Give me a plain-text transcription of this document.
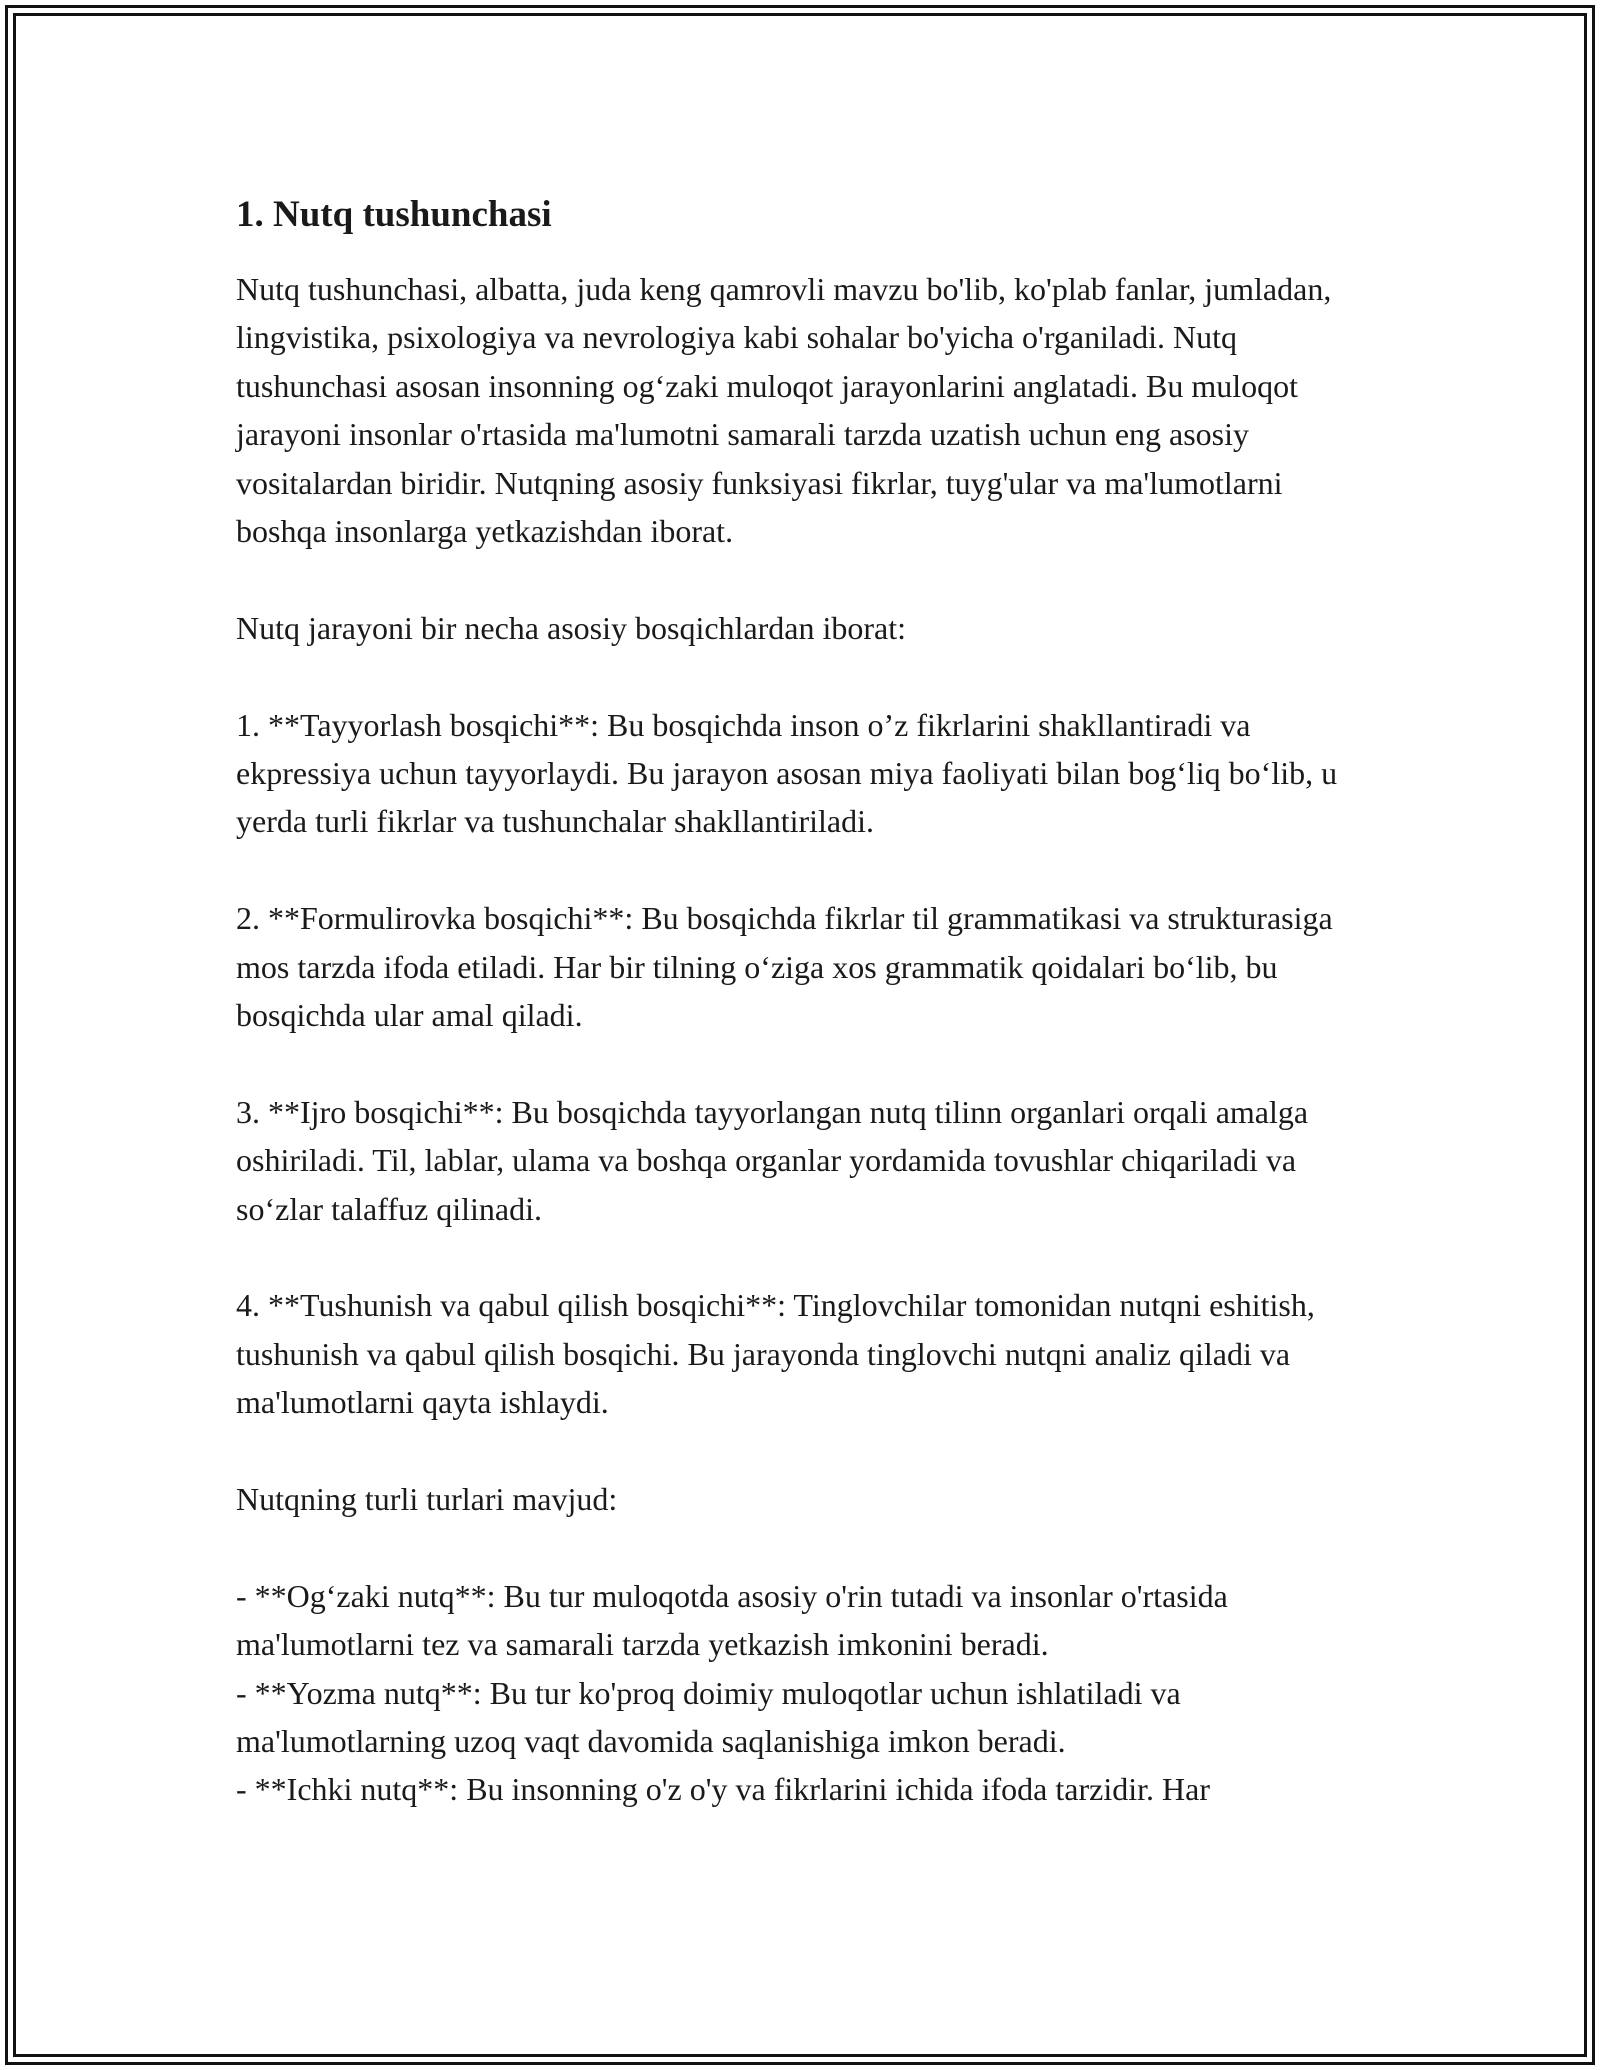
1. Nutq tushunchasi

Nutq tushunchasi, albatta, juda keng qamrovli mavzu bo'lib, ko'plab fanlar, jumladan, lingvistika, psixologiya va nevrologiya kabi sohalar bo'yicha o'rganiladi. Nutq tushunchasi asosan insonning og‘zaki muloqot jarayonlarini anglatadi. Bu muloqot jarayoni insonlar o'rtasida ma'lumotni samarali tarzda uzatish uchun eng asosiy vositalardan biridir. Nutqning asosiy funksiyasi fikrlar, tuyg'ular va ma'lumotlarni boshqa insonlarga yetkazishdan iborat.

Nutq jarayoni bir necha asosiy bosqichlardan iborat:

1. **Tayyorlash bosqichi**: Bu bosqichda inson o’z fikrlarini shakllantiradi va ekpressiya uchun tayyorlaydi. Bu jarayon asosan miya faoliyati bilan bog‘liq bo‘lib, u yerda turli fikrlar va tushunchalar shakllantiriladi.

2. **Formulirovka bosqichi**: Bu bosqichda fikrlar til grammatikasi va strukturasiga mos tarzda ifoda etiladi. Har bir tilning o‘ziga xos grammatik qoidalari bo‘lib, bu bosqichda ular amal qiladi.

3. **Ijro bosqichi**: Bu bosqichda tayyorlangan nutq tilinn organlari orqali amalga oshiriladi. Til, lablar, ulama va boshqa organlar yordamida tovushlar chiqariladi va so‘zlar talaffuz qilinadi.

4. **Tushunish va qabul qilish bosqichi**: Tinglovchilar tomonidan nutqni eshitish, tushunish va qabul qilish bosqichi. Bu jarayonda tinglovchi nutqni analiz qiladi va ma'lumotlarni qayta ishlaydi.

Nutqning turli turlari mavjud:

- **Og‘zaki nutq**: Bu tur muloqotda asosiy o'rin tutadi va insonlar o'rtasida ma'lumotlarni tez va samarali tarzda yetkazish imkonini beradi.

- **Yozma nutq**: Bu tur ko'proq doimiy muloqotlar uchun ishlatiladi va ma'lumotlarning uzoq vaqt davomida saqlanishiga imkon beradi.

- **Ichki nutq**: Bu insonning o'z o'y va fikrlarini ichida ifoda tarzidir. Har
